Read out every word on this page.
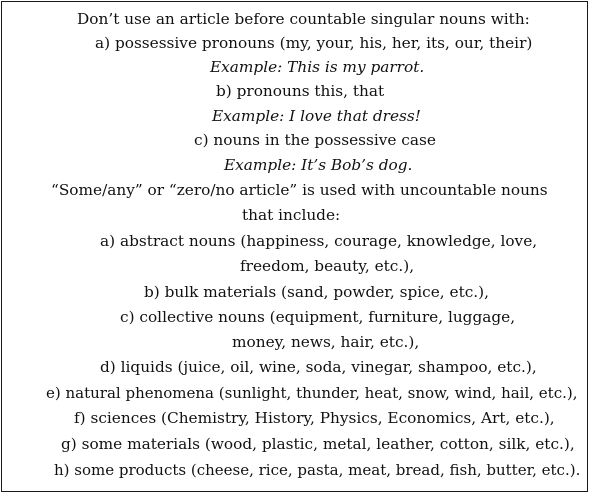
Don’t use an article before countable singular nouns with:
a) possessive pronouns (my, your, his, her, its, our, their)
Example: This is my parrot.
b) pronouns this, that
Example: I love that dress!
c) nouns in the possessive case
Example: It’s Bob’s dog.
“Some/any” or “zero/no article” is used with uncountable nouns
that include:
a) abstract nouns (happiness, courage, knowledge, love,
freedom, beauty, etc.),
b) bulk materials (sand, powder, spice, etc.),
c) collective nouns (equipment, furniture, luggage,
money, news, hair, etc.),
d) liquids (juice, oil, wine, soda, vinegar, shampoo, etc.),
e) natural phenomena (sunlight, thunder, heat, snow, wind, hail, etc.),
f) sciences (Chemistry, History, Physics, Economics, Art, etc.),
g) some materials (wood, plastic, metal, leather, cotton, silk, etc.),
h) some products (cheese, rice, pasta, meat, bread, fish, butter, etc.).
